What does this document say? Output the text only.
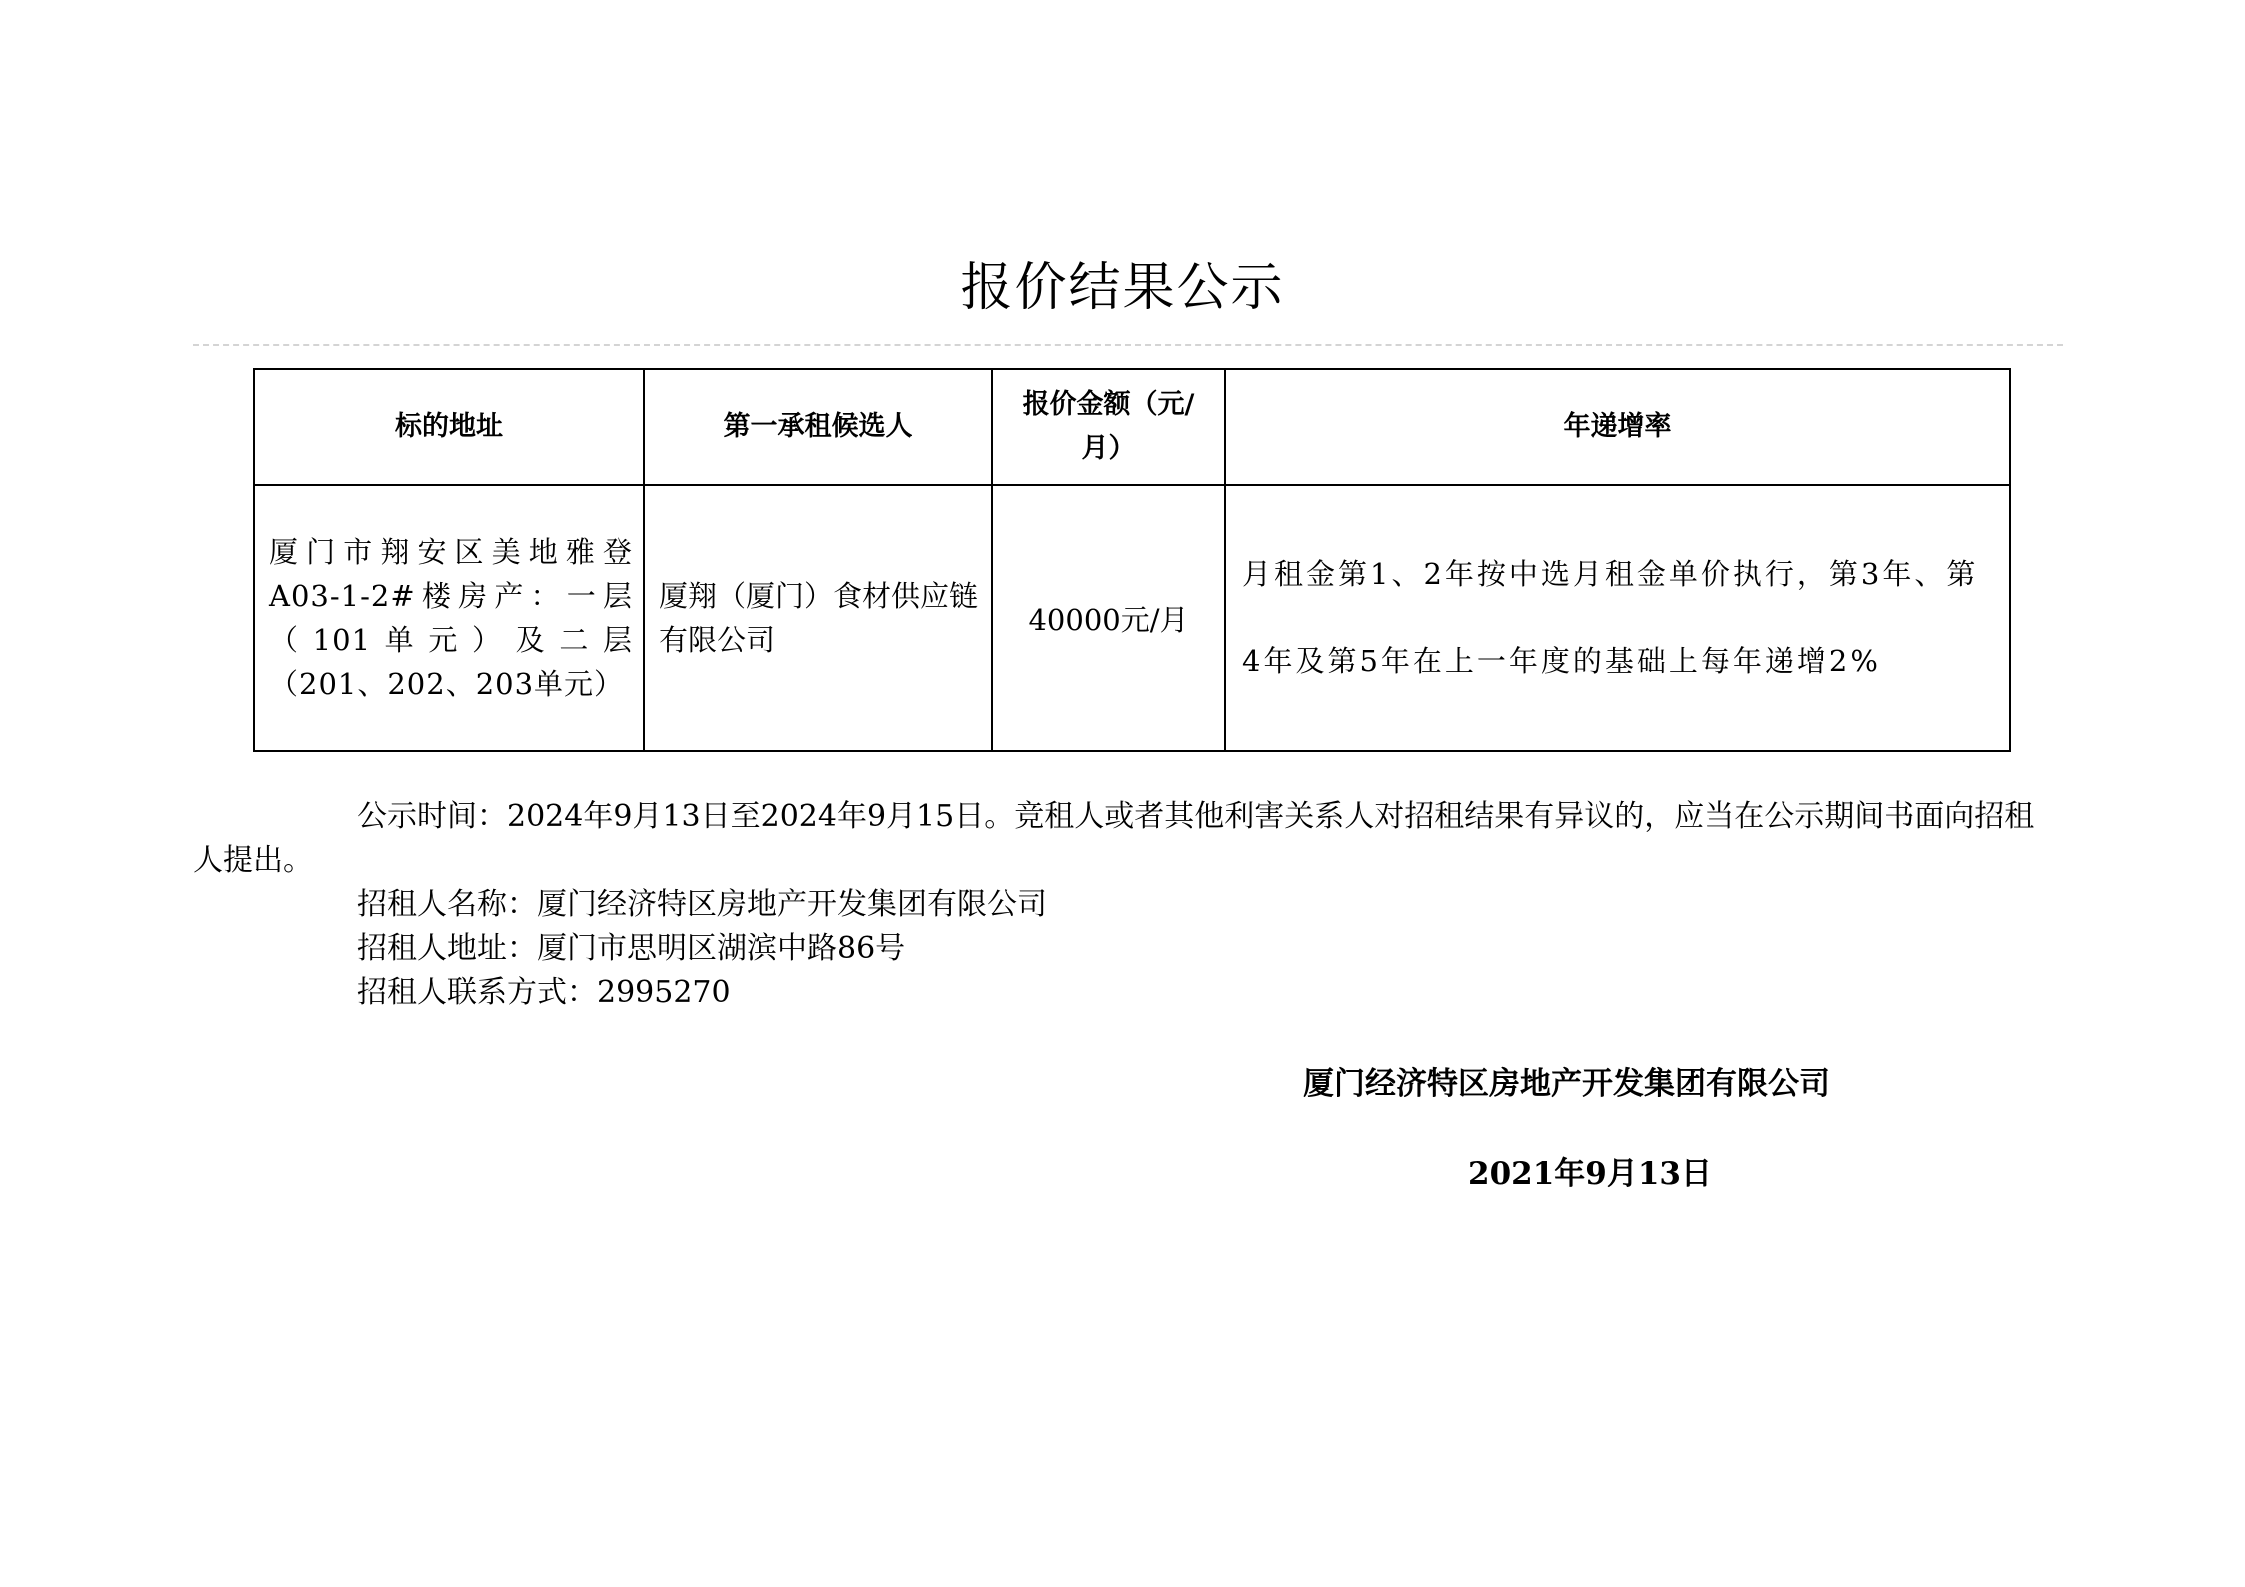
报价结果公示
标的地址	第一承租候选人	报价金额（元/月）	年递增率
厦门市翔安区美地雅登A03-1-2#楼房产：一层（101单元）及二层（201、202、203单元）	厦翔（厦门）食材供应链有限公司	40000元/月	月租金第1、2年按中选月租金单价执行，第3年、第4年及第5年在上一年度的基础上每年递增2%
公示时间：2024年9月13日至2024年9月15日。竞租人或者其他利害关系人对招租结果有异议的，应当在公示期间书面向招租人提出。
招租人名称：厦门经济特区房地产开发集团有限公司
招租人地址：厦门市思明区湖滨中路86号
招租人联系方式：2995270
厦门经济特区房地产开发集团有限公司
2021年9月13日
